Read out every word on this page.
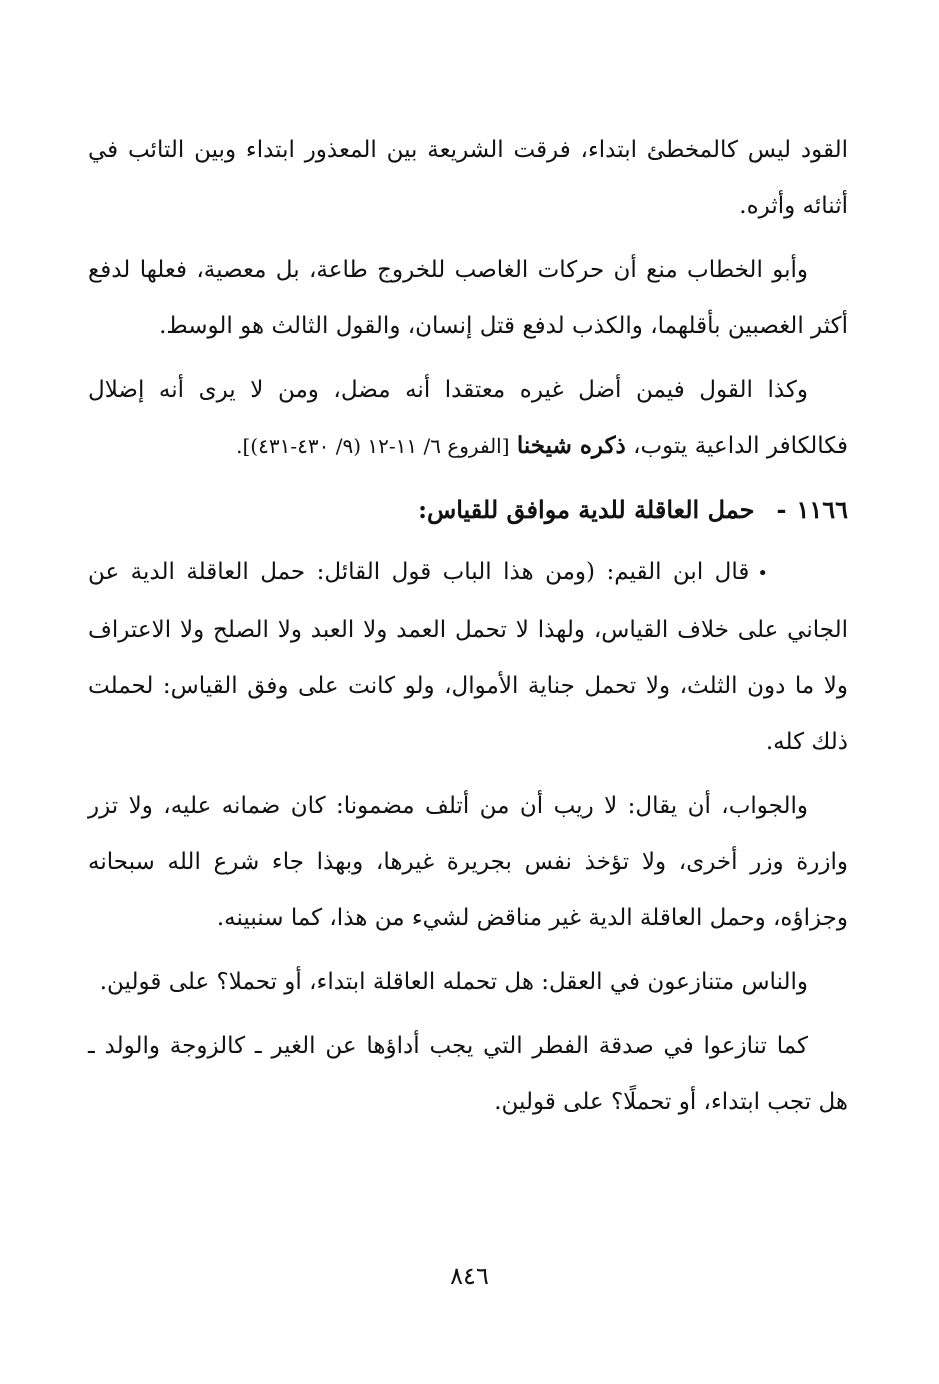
القود ليس كالمخطئ ابتداء، فرقت الشريعة بين المعذور ابتداء وبين التائب في أثنائه وأثره.

وأبو الخطاب منع أن حركات الغاصب للخروج طاعة، بل معصية، فعلها لدفع أكثر الغصبين بأقلهما، والكذب لدفع قتل إنسان، والقول الثالث هو الوسط.

وكذا القول فيمن أضل غيره معتقدا أنه مضل، ومن لا يرى أنه إضلال فكالكافر الداعية يتوب، ذكره شيخنا [الفروع ٦/ ١١-١٢ (٩/ ٤٣٠-٤٣١)].

١١٦٦-حمل العاقلة للدية موافق للقياس:

•قال ابن القيم: (ومن هذا الباب قول القائل: حمل العاقلة الدية عن الجاني على خلاف القياس، ولهذا لا تحمل العمد ولا العبد ولا الصلح ولا الاعتراف ولا ما دون الثلث، ولا تحمل جناية الأموال، ولو كانت على وفق القياس: لحملت ذلك كله.

والجواب، أن يقال: لا ريب أن من أتلف مضمونا: كان ضمانه عليه، ولا تزر وازرة وزر أخرى، ولا تؤخذ نفس بجريرة غيرها، وبهذا جاء شرع الله سبحانه وجزاؤه، وحمل العاقلة الدية غير مناقض لشيء من هذا، كما سنبينه.

والناس متنازعون في العقل: هل تحمله العاقلة ابتداء، أو تحملا؟ على قولين.

كما تنازعوا في صدقة الفطر التي يجب أداؤها عن الغير ـ كالزوجة والولد ـ هل تجب ابتداء، أو تحملًا؟ على قولين.

٨٤٦
